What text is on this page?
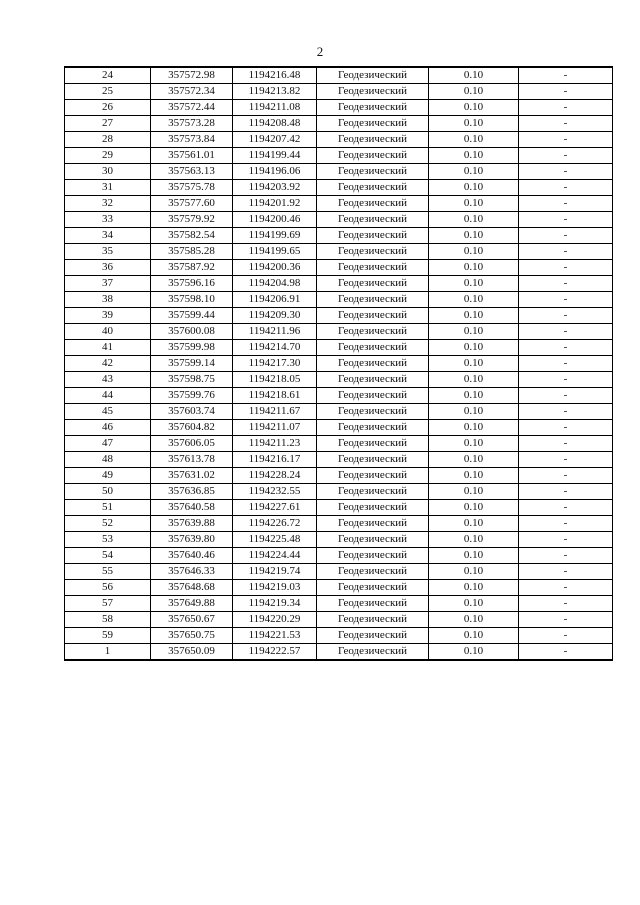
2
24	357572.98	1194216.48	Геодезический	0.10	-
25	357572.34	1194213.82	Геодезический	0.10	-
26	357572.44	1194211.08	Геодезический	0.10	-
27	357573.28	1194208.48	Геодезический	0.10	-
28	357573.84	1194207.42	Геодезический	0.10	-
29	357561.01	1194199.44	Геодезический	0.10	-
30	357563.13	1194196.06	Геодезический	0.10	-
31	357575.78	1194203.92	Геодезический	0.10	-
32	357577.60	1194201.92	Геодезический	0.10	-
33	357579.92	1194200.46	Геодезический	0.10	-
34	357582.54	1194199.69	Геодезический	0.10	-
35	357585.28	1194199.65	Геодезический	0.10	-
36	357587.92	1194200.36	Геодезический	0.10	-
37	357596.16	1194204.98	Геодезический	0.10	-
38	357598.10	1194206.91	Геодезический	0.10	-
39	357599.44	1194209.30	Геодезический	0.10	-
40	357600.08	1194211.96	Геодезический	0.10	-
41	357599.98	1194214.70	Геодезический	0.10	-
42	357599.14	1194217.30	Геодезический	0.10	-
43	357598.75	1194218.05	Геодезический	0.10	-
44	357599.76	1194218.61	Геодезический	0.10	-
45	357603.74	1194211.67	Геодезический	0.10	-
46	357604.82	1194211.07	Геодезический	0.10	-
47	357606.05	1194211.23	Геодезический	0.10	-
48	357613.78	1194216.17	Геодезический	0.10	-
49	357631.02	1194228.24	Геодезический	0.10	-
50	357636.85	1194232.55	Геодезический	0.10	-
51	357640.58	1194227.61	Геодезический	0.10	-
52	357639.88	1194226.72	Геодезический	0.10	-
53	357639.80	1194225.48	Геодезический	0.10	-
54	357640.46	1194224.44	Геодезический	0.10	-
55	357646.33	1194219.74	Геодезический	0.10	-
56	357648.68	1194219.03	Геодезический	0.10	-
57	357649.88	1194219.34	Геодезический	0.10	-
58	357650.67	1194220.29	Геодезический	0.10	-
59	357650.75	1194221.53	Геодезический	0.10	-
1	357650.09	1194222.57	Геодезический	0.10	-
